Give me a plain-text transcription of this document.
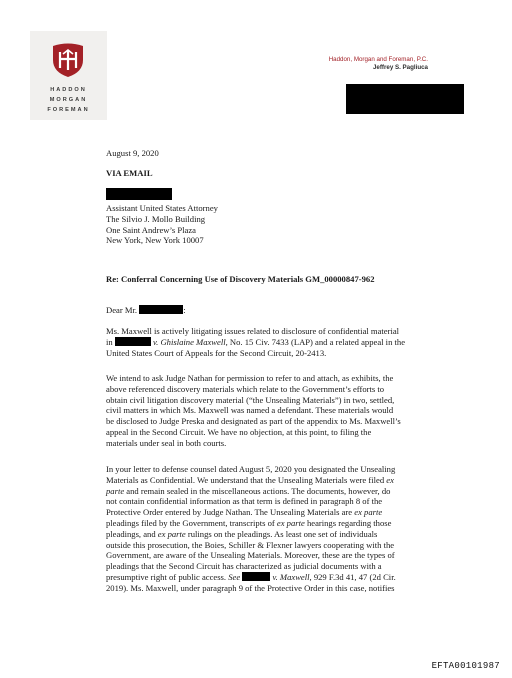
HADDON
MORGAN
FOREMAN
Haddon, Morgan and Foreman, P.C.
Jeffrey S. Pagliuca
August 9, 2020
VIA EMAIL
Assistant United States Attorney
The Silvio J. Mollo Building
One Saint Andrew’s Plaza
New York, New York 10007
Re: Conferral Concerning Use of Discovery Materials GM_00000847-962
Dear Mr.	:
Ms. Maxwell is actively litigating issues related to disclosure of confidential material
in	v. Ghislaine Maxwell, No. 15 Civ. 7433 (LAP) and a related appeal in the
United States Court of Appeals for the Second Circuit, 20-2413.
We intend to ask Judge Nathan for permission to refer to and attach, as exhibits, the
above referenced discovery materials which relate to the Government’s efforts to
obtain civil litigation discovery material (“the Unsealing Materials”) in two, settled,
civil matters in which Ms. Maxwell was named a defendant. These materials would
be disclosed to Judge Preska and designated as part of the appendix to Ms. Maxwell’s
appeal in the Second Circuit. We have no objection, at this point, to filing the
materials under seal in both courts.
In your letter to defense counsel dated August 5, 2020 you designated the Unsealing
Materials as Confidential. We understand that the Unsealing Materials were filed ex
parte and remain sealed in the miscellaneous actions. The documents, however, do
not contain confidential information as that term is defined in paragraph 8 of the
Protective Order entered by Judge Nathan. The Unsealing Materials are ex parte
pleadings filed by the Government, transcripts of ex parte hearings regarding those
pleadings, and ex parte rulings on the pleadings. As least one set of individuals
outside this prosecution, the Boies, Schiller & Flexner lawyers cooperating with the
Government, are aware of the Unsealing Materials. Moreover, these are the types of
pleadings that the Second Circuit has characterized as judicial documents with a
presumptive right of public access. See	v. Maxwell, 929 F.3d 41, 47 (2d Cir.
2019). Ms. Maxwell, under paragraph 9 of the Protective Order in this case, notifies
EFTA00101987
